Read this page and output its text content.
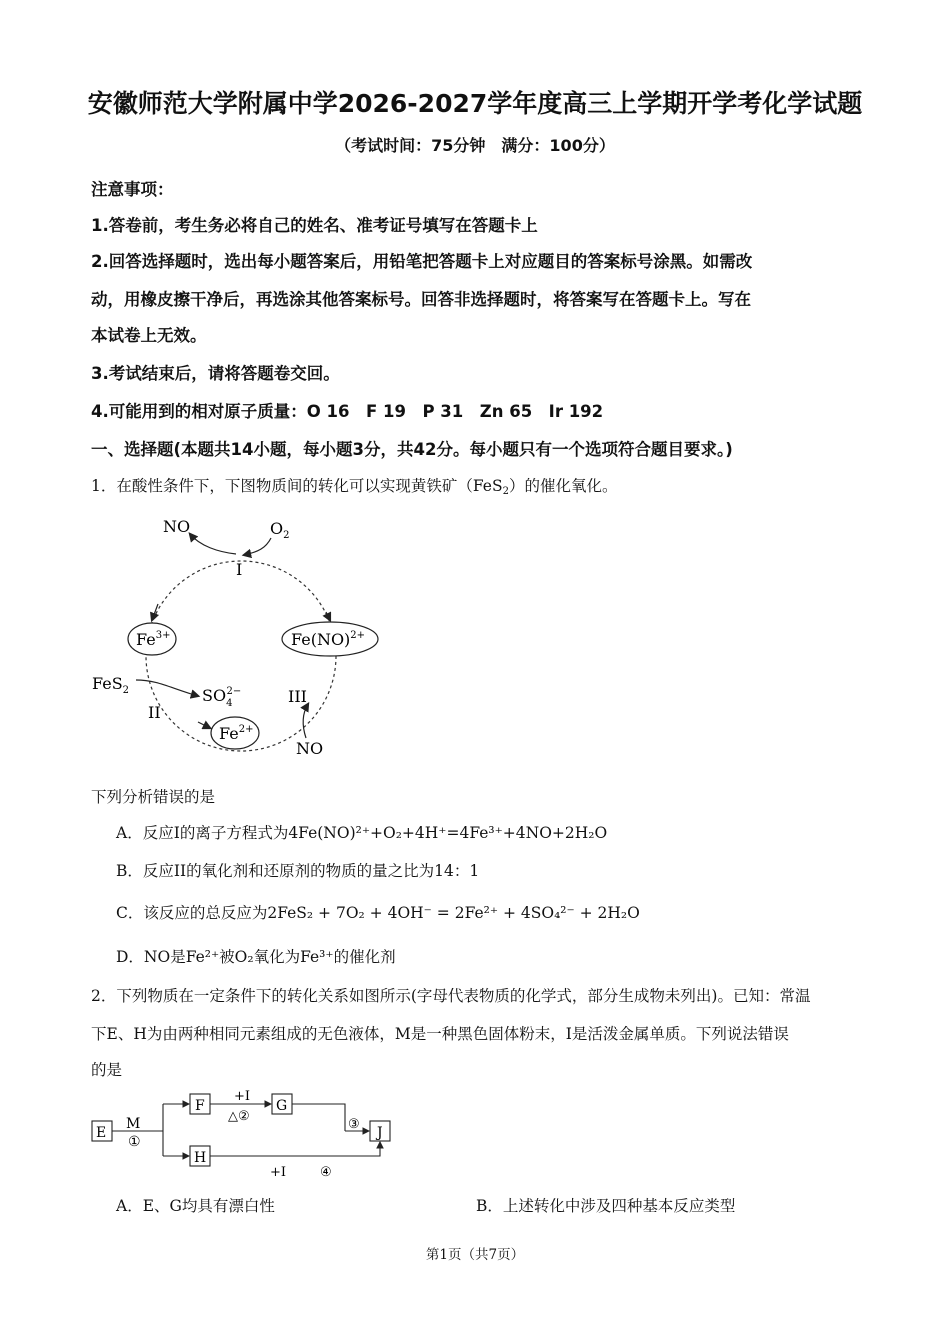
安徽师范大学附属中学2026-2027学年度高三上学期开学考化学试题
（考试时间：75分钟　满分：100分）
注意事项：
1.答卷前，考生务必将自己的姓名、准考证号填写在答题卡上
2.回答选择题时，选出每小题答案后，用铅笔把答题卡上对应题目的答案标号涂黑。如需改
动，用橡皮擦干净后，再选涂其他答案标号。回答非选择题时，将答案写在答题卡上。写在
本试卷上无效。
3.考试结束后，请将答题卷交回。
4.可能用到的相对原子质量：O 16　F 19　P 31　Zn 65　Ir 192
一、选择题(本题共14小题，每小题3分，共42分。每小题只有一个选项符合题目要求。)
1．在酸性条件下，下图物质间的转化可以实现黄铁矿（FeS$_2$）的催化氧化。
$Fe^{3+}$	Fe(NO)$^{2+}$
$Fe^{2+}$
NO	$O_2$
I
FeS$_2$	$SO_42-$
II
III
NO
下列分析错误的是
A．反应I的离子方程式为4Fe(NO)²⁺+O₂+4H⁺=4Fe³⁺+4NO+2H₂O
B．反应II的氧化剂和还原剂的物质的量之比为14：1
C．该反应的总反应为2FeS₂ + 7O₂ + 4OH⁻ = 2Fe²⁺ + 4SO₄²⁻ + 2H₂O
D．NO是Fe²⁺被O₂氧化为Fe³⁺的催化剂
2．下列物质在一定条件下的转化关系如图所示(字母代表物质的化学式，部分生成物未列出)。已知：常温
下E、H为由两种相同元素组成的无色液体，M是一种黑色固体粉末，I是活泼金属单质。下列说法错误
的是
E
M
①
F
+I
△②
G
③
J
H
+I	④
A．E、G均具有漂白性	B．上述转化中涉及四种基本反应类型
第1页（共7页）
